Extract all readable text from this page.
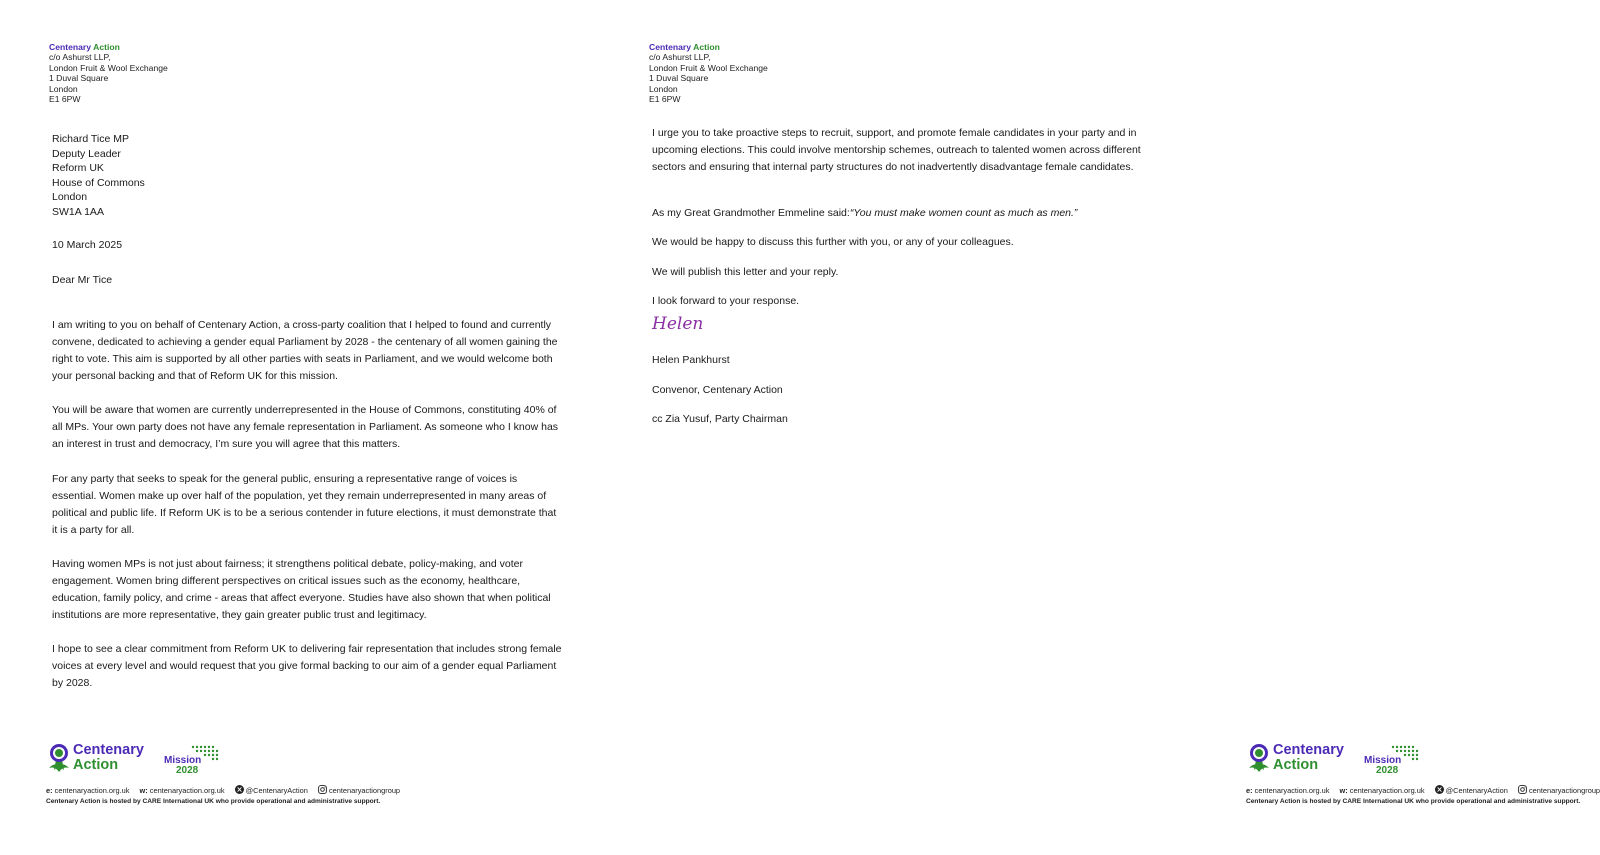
Centenary Action
c/o Ashurst LLP,
London Fruit & Wool Exchange
1 Duval Square
London
E1 6PW
Richard Tice MP
Deputy Leader
Reform UK
House of Commons
London
SW1A 1AA
10 March 2025
Dear Mr Tice

I am writing to you on behalf of Centenary Action, a cross-party coalition that I helped to found and currently convene, dedicated to achieving a gender equal Parliament by 2028 - the centenary of all women gaining the right to vote. This aim is supported by all other parties with seats in Parliament, and we would welcome both your personal backing and that of Reform UK for this mission.

You will be aware that women are currently underrepresented in the House of Commons, constituting 40% of all MPs. Your own party does not have any female representation in Parliament. As someone who I know has an interest in trust and democracy, I’m sure you will agree that this matters.

For any party that seeks to speak for the general public, ensuring a representative range of voices is essential. Women make up over half of the population, yet they remain underrepresented in many areas of political and public life. If Reform UK is to be a serious contender in future elections, it must demonstrate that it is a party for all.

Having women MPs is not just about fairness; it strengthens political debate, policy-making, and voter engagement. Women bring different perspectives on critical issues such as the economy, healthcare, education, family policy, and crime - areas that affect everyone. Studies have also shown that when political institutions are more representative, they gain greater public trust and legitimacy.

I hope to see a clear commitment from Reform UK to delivering fair representation that includes strong female voices at every level and would request that you give formal backing to our aim of a gender equal Parliament by 2028.

Centenary
Action	Mission
2028
e: centenaryaction.org.uk w: centenaryaction.org.uk	@CentenaryAction	centenaryactiongroup
Centenary Action is hosted by CARE International UK who provide operational and administrative support.
Centenary Action
c/o Ashurst LLP,
London Fruit & Wool Exchange
1 Duval Square
London
E1 6PW

I urge you to take proactive steps to recruit, support, and promote female candidates in your party and in upcoming elections. This could involve mentorship schemes, outreach to talented women across different sectors and ensuring that internal party structures do not inadvertently disadvantage female candidates.

As my Great Grandmother Emmeline said:“You must make women count as much as men.”

We would be happy to discuss this further with you, or any of your colleagues.

We will publish this letter and your reply.

I look forward to your response.

Helen Pankhurst
Convenor, Centenary Action
cc Zia Yusuf, Party Chairman
Centenary
Action	Mission
2028
e: centenaryaction.org.uk w: centenaryaction.org.uk	@CentenaryAction	centenaryactiongroup
Centenary Action is hosted by CARE International UK who provide operational and administrative support.
Helen
